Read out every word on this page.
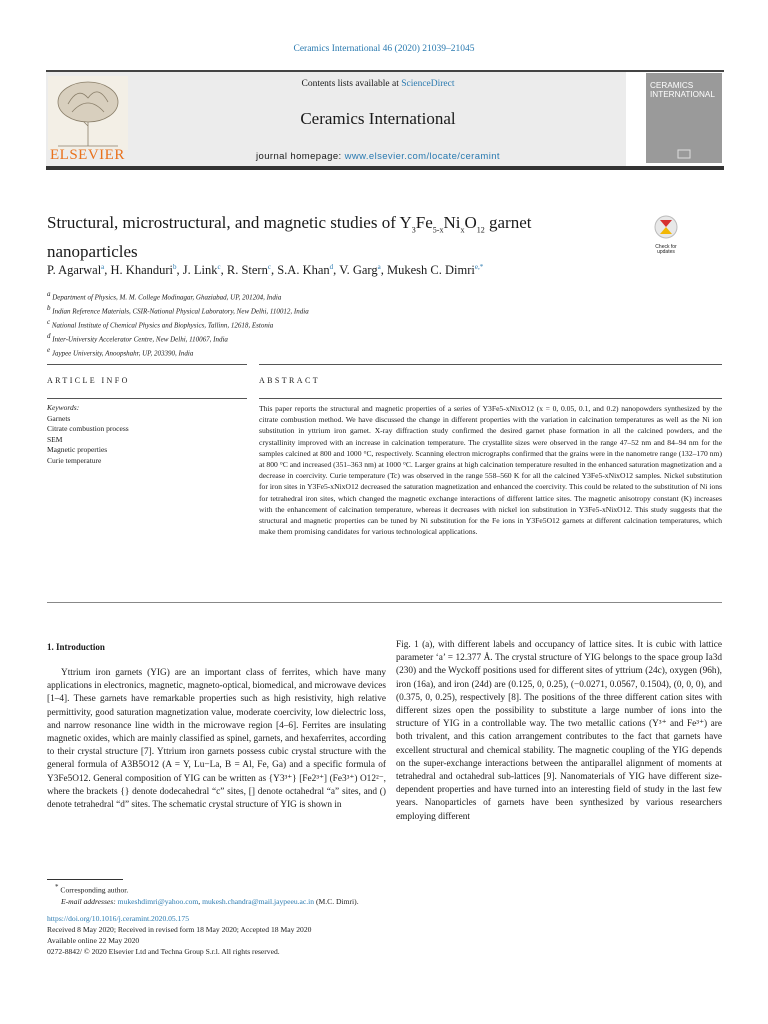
Ceramics International 46 (2020) 21039–21045
ELSEVIER
Contents lists available at ScienceDirect
Ceramics International
journal homepage: www.elsevier.com/locate/ceramint
CERAMICS INTERNATIONAL
Structural, microstructural, and magnetic studies of $Y_3Fe_{5-x}Ni_xO_{12}$ garnet nanoparticles	Check for updates
P. Agarwal$^a$, H. Khanduri$^b$, J. Link$^c$, R. Stern$^c$, S.A. Khan$^d$, V. Garg$^a$, Mukesh C. Dimri$^{e,*}$
$^a$ Department of Physics, M. M. College Modinagar, Ghaziabad, UP, 201204, India
$^b$ Indian Reference Materials, CSIR-National Physical Laboratory, New Delhi, 110012, India
$^c$ National Institute of Chemical Physics and Biophysics, Tallinn, 12618, Estonia
$^d$ Inter-University Accelerator Centre, New Delhi, 110067, India
$^e$ Jaypee University, Anoopshahr, UP, 203390, India
ARTICLE INFO	ABSTRACT
Keywords:
Garnets
Citrate combustion process
SEM
Magnetic properties
Curie temperature
This paper reports the structural and magnetic properties of a series of Y3Fe5-xNixO12 (x = 0, 0.05, 0.1, and 0.2) nanopowders synthesized by the citrate combustion method. We have discussed the change in different properties with the variation in calcination temperatures as well as the Ni ion substitution in yttrium iron garnet. X-ray diffraction study confirmed the desired garnet phase formation in all the calcined powders, and the crystallinity improved with an increase in calcination temperature. The crystallite sizes were observed in the range 47–52 nm and 84–94 nm for the samples calcined at 800 and 1000 °C, respectively. Scanning electron micrographs confirmed that the grains were in the nanometre range (132–170 nm) at 800 °C and increased (351–363 nm) at 1000 °C. Larger grains at high calcination temperature resulted in the enhanced saturation magnetization and a decrease in coercivity. Curie temperature (Tc) was observed in the range 558–560 K for all the calcined Y3Fe5-xNixO12 samples. Nickel substitution for iron sites in Y3Fe5-xNixO12 decreased the saturation magnetization and enhanced the coercivity. This could be related to the substitution of Ni ions for tetrahedral iron sites, which changed the magnetic exchange interactions of different lattice sites. The magnetic anisotropy constant (K) increases with the enhancement of calcination temperature, whereas it decreases with nickel ion substitution in Y3Fe5-xNixO12. This study suggests that the structural and magnetic properties can be tuned by Ni substitution for the Fe ions in Y3Fe5O12 garnets at different calcination temperatures, which make them promising candidates for various technological applications.
1. Introduction

Yttrium iron garnets (YIG) are an important class of ferrites, which have many applications in electronics, magnetic, magneto-optical, biomedical, and microwave devices [1–4]. These garnets have remarkable properties such as high resistivity, high relative permittivity, good saturation magnetization value, moderate coercivity, low dielectric loss, and narrow resonance line width in the microwave region [4–6]. Ferrites are insulating magnetic oxides, which are mainly classified as spinel, garnets, and hexaferrites, according to their crystal structure [7]. Yttrium iron garnets possess cubic crystal structure with the general formula of A3B5O12 (A = Y, Lu−La, B = Al, Fe, Ga) and a specific formula of Y3Fe5O12. General composition of YIG can be written as {Y3³⁺} [Fe2³⁺] (Fe3³⁺) O12²⁻, where the brackets {} denote dodecahedral “c” sites, [] denote octahedral “a” sites, and () denote tetrahedral “d” sites. The schematic crystal structure of YIG is shown in

Fig. 1 (a), with different labels and occupancy of lattice sites. It is cubic with lattice parameter ‘a’ = 12.377 Å. The crystal structure of YIG belongs to the space group Ia3d (230) and the Wyckoff positions used for different sites of yttrium (24c), oxygen (96h), iron (16a), and iron (24d) are (0.125, 0, 0.25), (−0.0271, 0.0567, 0.1504), (0, 0, 0), and (0.375, 0, 0.25), respectively [8]. The positions of the three different cation sites with different sizes open the possibility to substitute a large number of ions into the structure of YIG in a controllable way. The two metallic cations (Y³⁺ and Fe³⁺) are both trivalent, and this cation arrangement contributes to the fact that garnets have excellent structural and chemical stability. The magnetic coupling of the YIG depends on the super-exchange interactions between the antiparallel alignment of moments at tetrahedral and octahedral sub-lattices [9]. Nanomaterials of YIG have different size-dependent properties and have turned into an interesting field of study in the last few years. Nanoparticles of garnets have been synthesized by various researchers employing different

* Corresponding author.
E-mail addresses: mukeshdimri@yahoo.com, mukesh.chandra@mail.jaypeeu.ac.in (M.C. Dimri).
https://doi.org/10.1016/j.ceramint.2020.05.175
Received 8 May 2020; Received in revised form 18 May 2020; Accepted 18 May 2020
Available online 22 May 2020
0272-8842/ © 2020 Elsevier Ltd and Techna Group S.r.l. All rights reserved.
